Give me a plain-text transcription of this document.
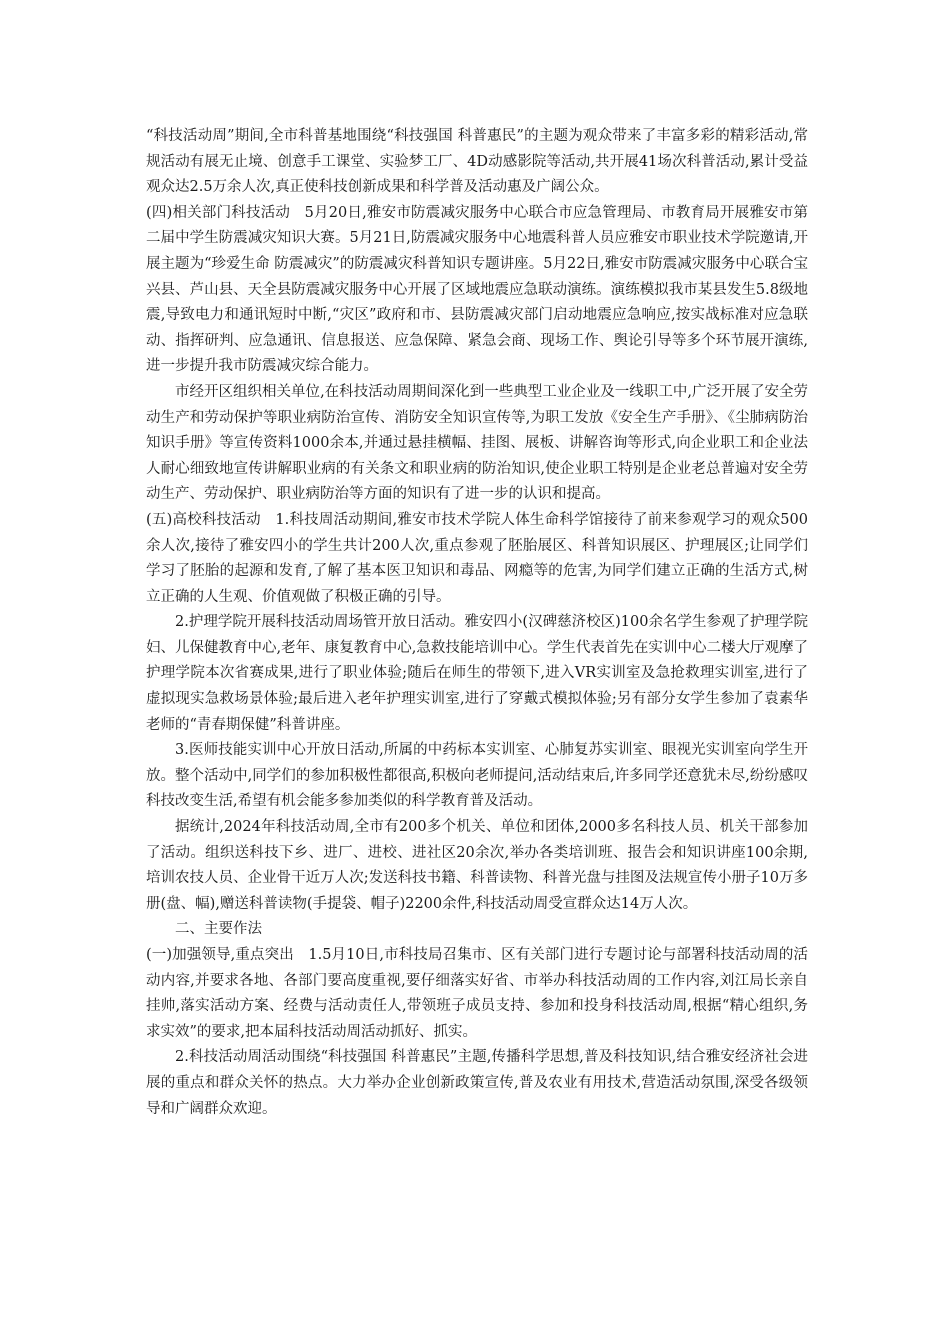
“科技活动周”期间,全市科普基地围绕“科技强国 科普惠民”的主题为观众带来了丰富多彩的精彩活动,常规活动有展无止境、创意手工课堂、实验梦工厂、4D动感影院等活动,共开展41场次科普活动,累计受益观众达2.5万余人次,真正使科技创新成果和科学普及活动惠及广阔公众。

(四)相关部门科技活动 5月20日,雅安市防震减灾服务中心联合市应急管理局、市教育局开展雅安市第二届中学生防震减灾知识大赛。5月21日,防震减灾服务中心地震科普人员应雅安市职业技术学院邀请,开展主题为“珍爱生命 防震减灾”的防震减灾科普知识专题讲座。5月22日,雅安市防震减灾服务中心联合宝兴县、芦山县、天全县防震减灾服务中心开展了区域地震应急联动演练。演练模拟我市某县发生5.8级地震,导致电力和通讯短时中断,“灾区”政府和市、县防震减灾部门启动地震应急响应,按实战标准对应急联动、指挥研判、应急通讯、信息报送、应急保障、紧急会商、现场工作、舆论引导等多个环节展开演练,进一步提升我市防震减灾综合能力。

市经开区组织相关单位,在科技活动周期间深化到一些典型工业企业及一线职工中,广泛开展了安全劳动生产和劳动保护等职业病防治宣传、消防安全知识宣传等,为职工发放《安全生产手册》、《尘肺病防治知识手册》等宣传资料1000余本,并通过悬挂横幅、挂图、展板、讲解咨询等形式,向企业职工和企业法人耐心细致地宣传讲解职业病的有关条文和职业病的防治知识,使企业职工特别是企业老总普遍对安全劳动生产、劳动保护、职业病防治等方面的知识有了进一步的认识和提高。

(五)高校科技活动 1.科技周活动期间,雅安市技术学院人体生命科学馆接待了前来参观学习的观众500余人次,接待了雅安四小的学生共计200人次,重点参观了胚胎展区、科普知识展区、护理展区;让同学们学习了胚胎的起源和发育,了解了基本医卫知识和毒品、网瘾等的危害,为同学们建立正确的生活方式,树立正确的人生观、价值观做了积极正确的引导。

2.护理学院开展科技活动周场管开放日活动。雅安四小(汉碑慈济校区)100余名学生参观了护理学院妇、儿保健教育中心,老年、康复教育中心,急救技能培训中心。学生代表首先在实训中心二楼大厅观摩了护理学院本次省赛成果,进行了职业体验;随后在师生的带领下,进入VR实训室及急抢救理实训室,进行了虚拟现实急救场景体验;最后进入老年护理实训室,进行了穿戴式模拟体验;另有部分女学生参加了袁素华老师的“青春期保健”科普讲座。

3.医师技能实训中心开放日活动,所属的中药标本实训室、心肺复苏实训室、眼视光实训室向学生开放。整个活动中,同学们的参加积极性都很高,积极向老师提问,活动结束后,许多同学还意犹未尽,纷纷感叹科技改变生活,希望有机会能多参加类似的科学教育普及活动。

据统计,2024年科技活动周,全市有200多个机关、单位和团体,2000多名科技人员、机关干部参加了活动。组织送科技下乡、进厂、进校、进社区20余次,举办各类培训班、报告会和知识讲座100余期,培训农技人员、企业骨干近万人次;发送科技书籍、科普读物、科普光盘与挂图及法规宣传小册子10万多册(盘、幅),赠送科普读物(手提袋、帽子)2200余件,科技活动周受宣群众达14万人次。

二、主要作法

(一)加强领导,重点突出 1.5月10日,市科技局召集市、区有关部门进行专题讨论与部署科技活动周的活动内容,并要求各地、各部门要高度重视,要仔细落实好省、市举办科技活动周的工作内容,刘江局长亲自挂帅,落实活动方案、经费与活动责任人,带领班子成员支持、参加和投身科技活动周,根据“精心组织,务求实效”的要求,把本届科技活动周活动抓好、抓实。

2.科技活动周活动围绕“科技强国 科普惠民”主题,传播科学思想,普及科技知识,结合雅安经济社会进展的重点和群众关怀的热点。大力举办企业创新政策宣传,普及农业有用技术,营造活动氛围,深受各级领导和广阔群众欢迎。
